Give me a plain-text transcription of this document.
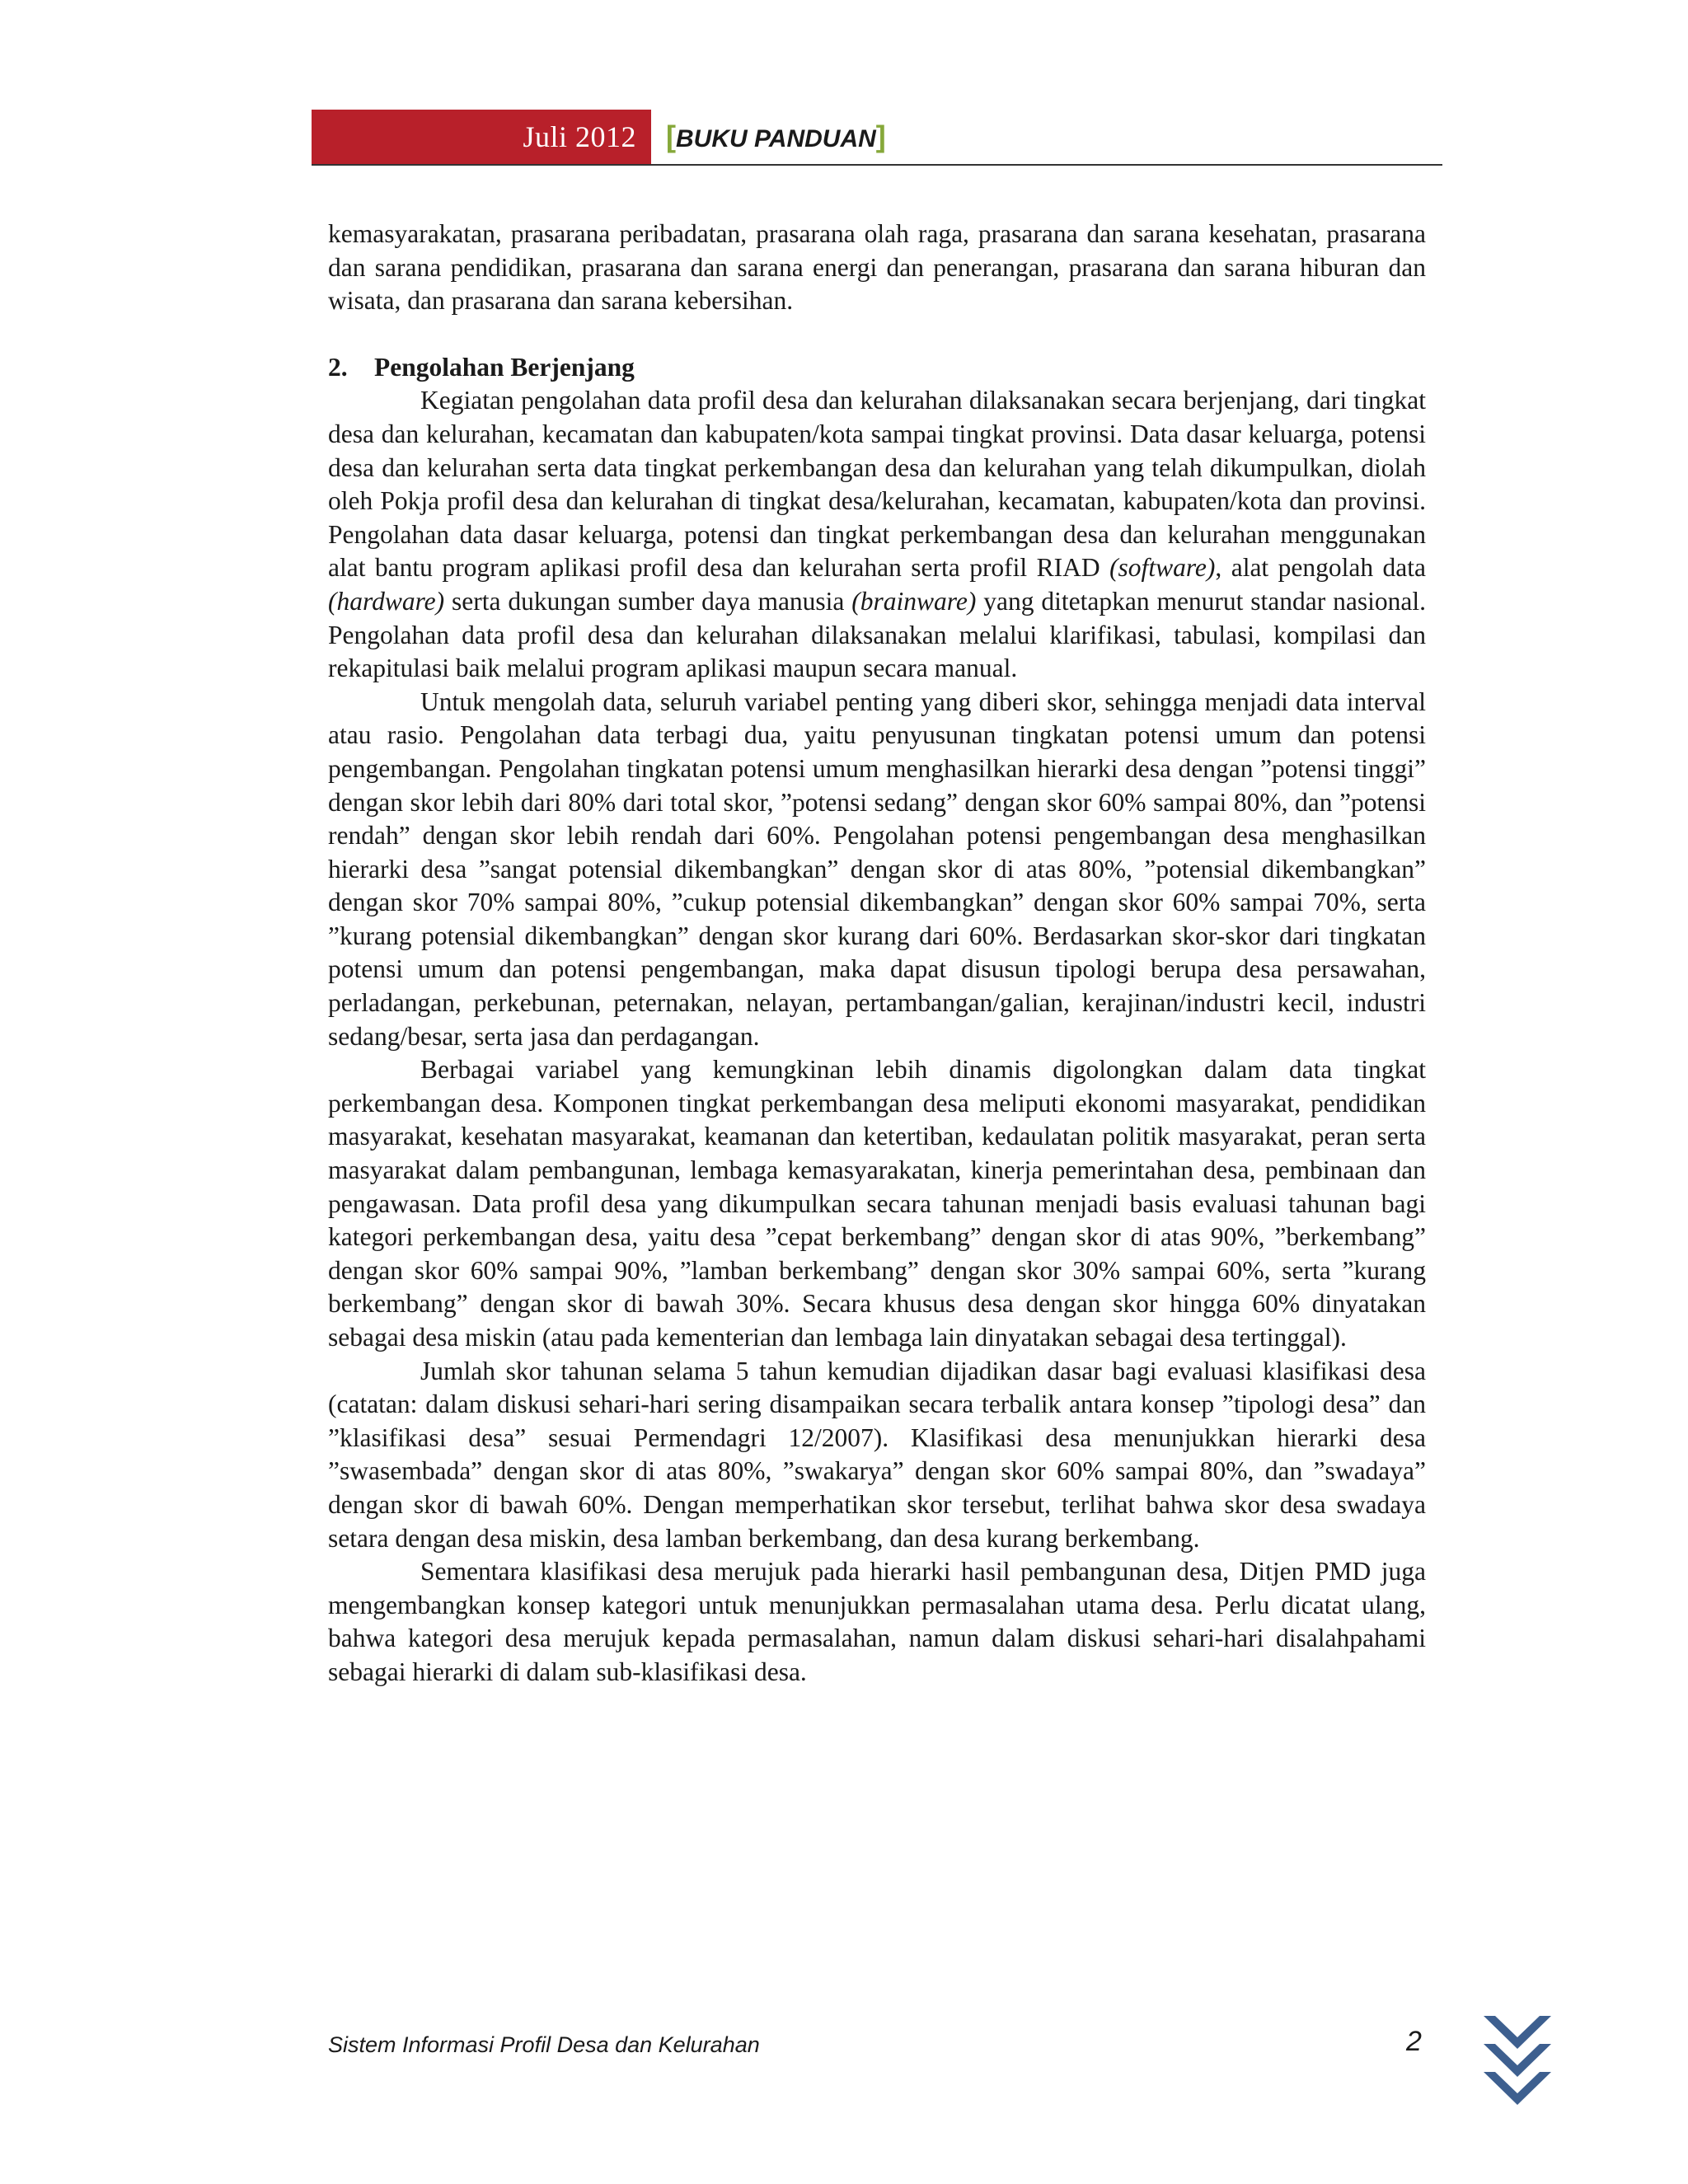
Juli 2012 [BUKU PANDUAN]

kemasyarakatan, prasarana peribadatan, prasarana olah raga, prasarana dan sarana kesehatan, prasarana dan sarana pendidikan, prasarana dan sarana energi dan penerangan, prasarana dan sarana hiburan dan wisata, dan prasarana dan sarana kebersihan.

2. Pengolahan Berjenjang

Kegiatan pengolahan data profil desa dan kelurahan dilaksanakan secara berjenjang, dari tingkat desa dan kelurahan, kecamatan dan kabupaten/kota sampai tingkat provinsi. Data dasar keluarga, potensi desa dan kelurahan serta data tingkat perkembangan desa dan kelurahan yang telah dikumpulkan, diolah oleh Pokja profil desa dan kelurahan di tingkat desa/kelurahan, kecamatan, kabupaten/kota dan provinsi. Pengolahan data dasar keluarga, potensi dan tingkat perkembangan desa dan kelurahan menggunakan alat bantu program aplikasi profil desa dan kelurahan serta profil RIAD (software), alat pengolah data (hardware) serta dukungan sumber daya manusia (brainware) yang ditetapkan menurut standar nasional. Pengolahan data profil desa dan kelurahan dilaksanakan melalui klarifikasi, tabulasi, kompilasi dan rekapitulasi baik melalui program aplikasi maupun secara manual.

Untuk mengolah data, seluruh variabel penting yang diberi skor, sehingga menjadi data interval atau rasio. Pengolahan data terbagi dua, yaitu penyusunan tingkatan potensi umum dan potensi pengembangan. Pengolahan tingkatan potensi umum menghasilkan hierarki desa dengan ”potensi tinggi” dengan skor lebih dari 80% dari total skor, ”potensi sedang” dengan skor 60% sampai 80%, dan ”potensi rendah” dengan skor lebih rendah dari 60%. Pengolahan potensi pengembangan desa menghasilkan hierarki desa ”sangat potensial dikembangkan” dengan skor di atas 80%, ”potensial dikembangkan” dengan skor 70% sampai 80%, ”cukup potensial dikembangkan” dengan skor 60% sampai 70%, serta ”kurang potensial dikembangkan” dengan skor kurang dari 60%. Berdasarkan skor-skor dari tingkatan potensi umum dan potensi pengembangan, maka dapat disusun tipologi berupa desa persawahan, perladangan, perkebunan, peternakan, nelayan, pertambangan/galian, kerajinan/industri kecil, industri sedang/besar, serta jasa dan perdagangan.

Berbagai variabel yang kemungkinan lebih dinamis digolongkan dalam data tingkat perkembangan desa. Komponen tingkat perkembangan desa meliputi ekonomi masyarakat, pendidikan masyarakat, kesehatan masyarakat, keamanan dan ketertiban, kedaulatan politik masyarakat, peran serta masyarakat dalam pembangunan, lembaga kemasyarakatan, kinerja pemerintahan desa, pembinaan dan pengawasan. Data profil desa yang dikumpulkan secara tahunan menjadi basis evaluasi tahunan bagi kategori perkembangan desa, yaitu desa ”cepat berkembang” dengan skor di atas 90%, ”berkembang” dengan skor 60% sampai 90%, ”lamban berkembang” dengan skor 30% sampai 60%, serta ”kurang berkembang” dengan skor di bawah 30%. Secara khusus desa dengan skor hingga 60% dinyatakan sebagai desa miskin (atau pada kementerian dan lembaga lain dinyatakan sebagai desa tertinggal).

Jumlah skor tahunan selama 5 tahun kemudian dijadikan dasar bagi evaluasi klasifikasi desa (catatan: dalam diskusi sehari-hari sering disampaikan secara terbalik antara konsep ”tipologi desa” dan ”klasifikasi desa” sesuai Permendagri 12/2007). Klasifikasi desa menunjukkan hierarki desa ”swasembada” dengan skor di atas 80%, ”swakarya” dengan skor 60% sampai 80%, dan ”swadaya” dengan skor di bawah 60%. Dengan memperhatikan skor tersebut, terlihat bahwa skor desa swadaya setara dengan desa miskin, desa lamban berkembang, dan desa kurang berkembang.

Sementara klasifikasi desa merujuk pada hierarki hasil pembangunan desa, Ditjen PMD juga mengembangkan konsep kategori untuk menunjukkan permasalahan utama desa. Perlu dicatat ulang, bahwa kategori desa merujuk kepada permasalahan, namun dalam diskusi sehari-hari disalahpahami sebagai hierarki di dalam sub-klasifikasi desa.

Sistem Informasi Profil Desa dan Kelurahan	2
